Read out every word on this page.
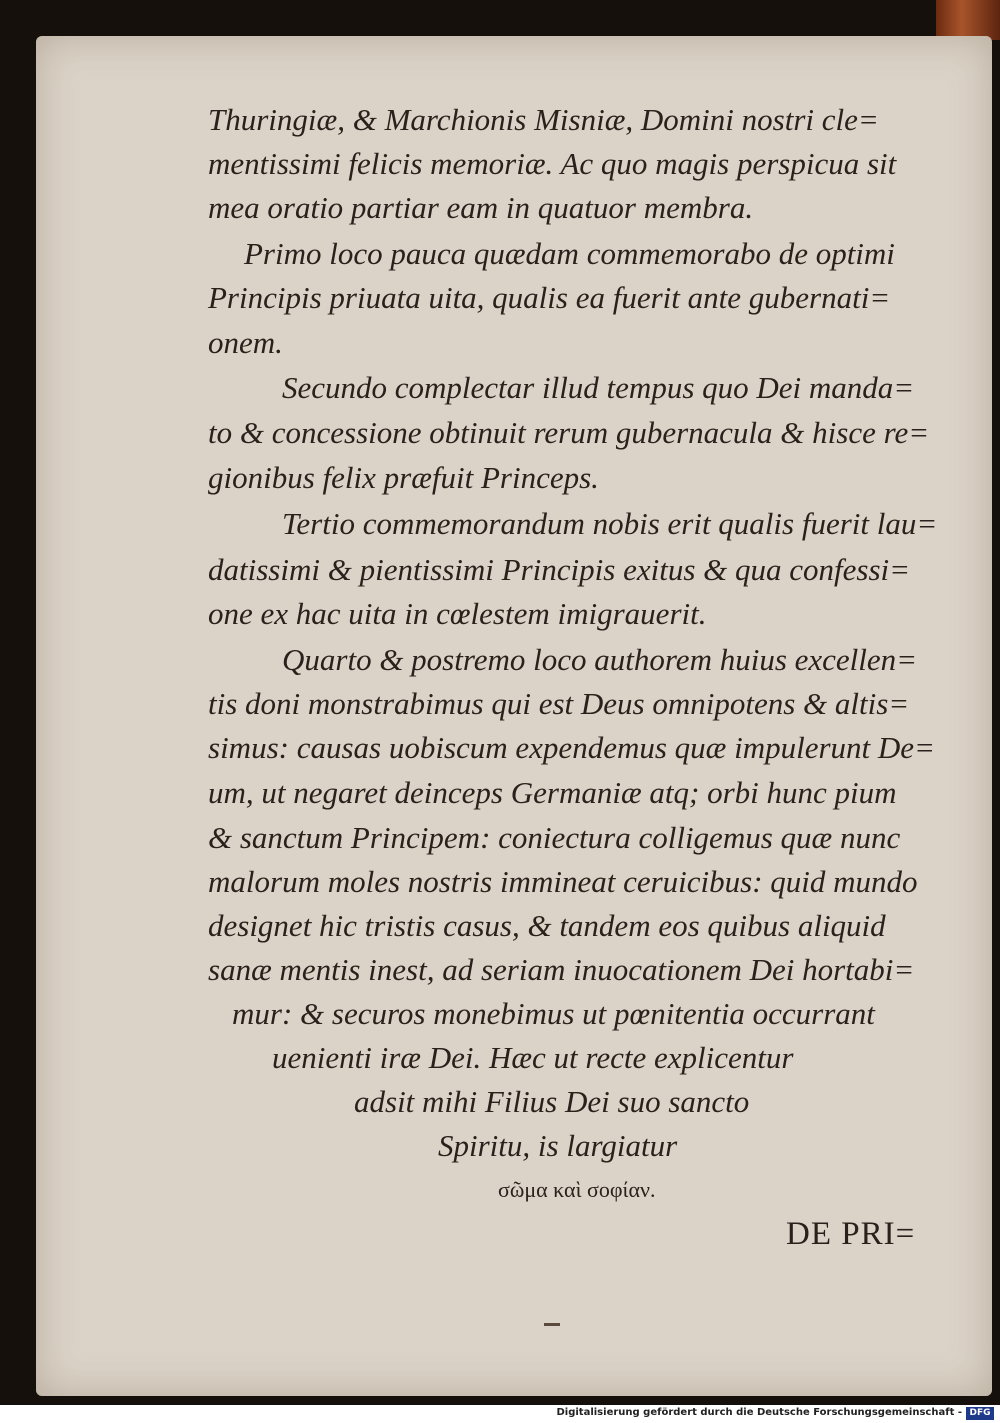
Thuringiæ, & Marchionis Misniæ, Domini nostri cle=
mentissimi felicis memoriæ. Ac quo magis perspicua sit
mea oratio partiar eam in quatuor membra.
Primo loco pauca quædam commemorabo de optimi
Principis priuata uita, qualis ea fuerit ante gubernati=
onem.
Secundo complectar illud tempus quo Dei manda=
to & concessione obtinuit rerum gubernacula & hisce re=
gionibus felix præfuit Princeps.
Tertio commemorandum nobis erit qualis fuerit lau=
datissimi & pientissimi Principis exitus & qua confessi=
one ex hac uita in cœlestem imigrauerit.
Quarto & postremo loco authorem huius excellen=
tis doni monstrabimus qui est Deus omnipotens & altis=
simus: causas uobiscum expendemus quæ impulerunt De=
um, ut negaret deinceps Germaniæ atq; orbi hunc pium
& sanctum Principem: coniectura colligemus quæ nunc
malorum moles nostris immineat ceruicibus: quid mundo
designet hic tristis casus, & tandem eos quibus aliquid
sanæ mentis inest, ad seriam inuocationem Dei hortabi=
mur: & securos monebimus ut pœnitentia occurrant
uenienti iræ Dei. Hæc ut recte explicentur
adsit mihi Filius Dei suo sancto
Spiritu, is largiatur
σῶμα καὶ σοφίαν.
DE PRI=
Digitalisierung gefördert durch die Deutsche Forschungsgemeinschaft - DFG
